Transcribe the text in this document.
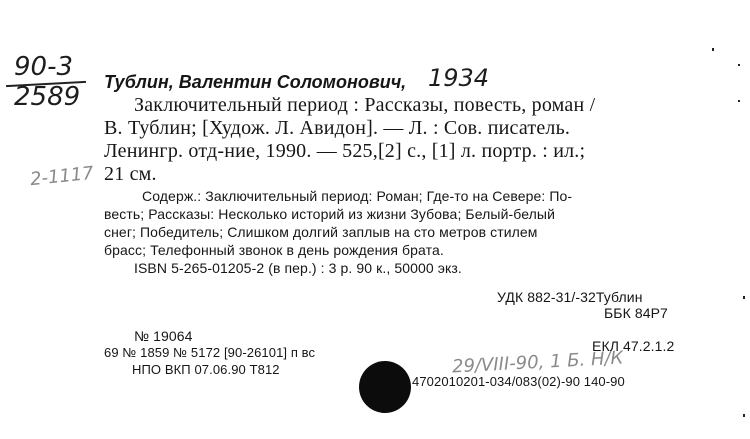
90-3
2589
2-1117
Тублин, Валентин Соломонович, 1934
Заключительный период : Рассказы, повесть, роман /
В. Тублин; [Худож. Л. Авидон]. — Л. : Сов. писатель.
Ленингр. отд-ние, 1990. — 525,[2] с., [1] л. портр. : ил.;
21 см.
Содерж.: Заключительный период: Роман; Где-то на Севере: По-
весть; Рассказы: Несколько историй из жизни Зубова; Белый-белый
снег; Победитель; Слишком долгий заплыв на сто метров стилем
брасс; Телефонный звонок в день рождения брата.
ISBN 5-265-01205-2 (в пер.) : 3 р. 90 к., 50000 экз.
УДК 882-31/-32Тублин
ББК 84Р7
№ 19064
69 № 1859 № 5172 [90-26101] п вс
НПО ВКП 07.06.90 Т812
ЕКЛ 47.2.1.2
29/VIII-90, 1 Б. Н/К
4702010201-034/083(02)-90 140-90
